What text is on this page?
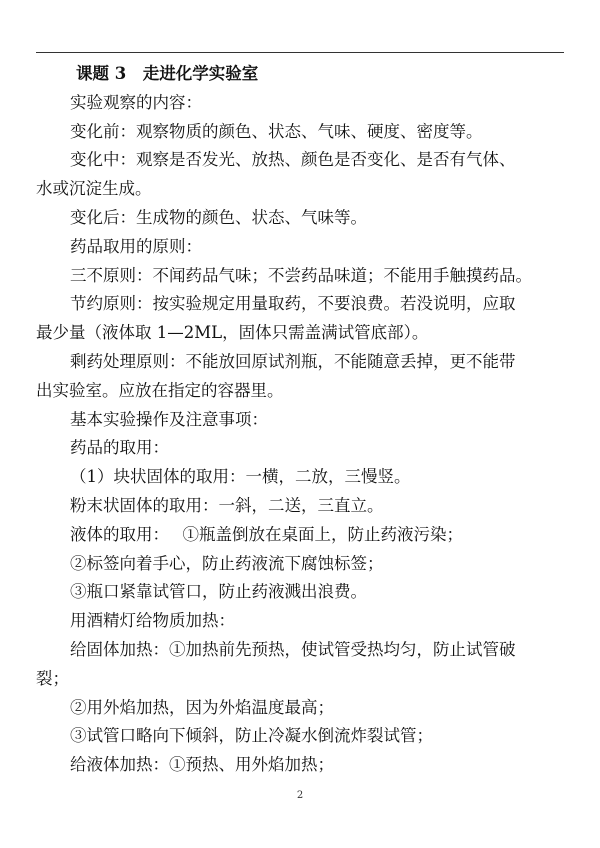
课题 3　走进化学实验室
实验观察的内容：
变化前：观察物质的颜色、状态、气味、硬度、密度等。
变化中：观察是否发光、放热、颜色是否变化、是否有气体、
水或沉淀生成。
变化后：生成物的颜色、状态、气味等。
药品取用的原则：
三不原则：不闻药品气味；不尝药品味道；不能用手触摸药品。
节约原则：按实验规定用量取药，不要浪费。若没说明，应取
最少量（液体取 1—2ML，固体只需盖满试管底部）。
剩药处理原则：不能放回原试剂瓶，不能随意丢掉，更不能带
出实验室。应放在指定的容器里。
基本实验操作及注意事项：
药品的取用：
（1）块状固体的取用：一横，二放，三慢竖。
粉末状固体的取用：一斜，二送，三直立。
液体的取用：　 ①瓶盖倒放在桌面上，防止药液污染；
②标签向着手心，防止药液流下腐蚀标签；
③瓶口紧靠试管口，防止药液溅出浪费。
用酒精灯给物质加热：
给固体加热：①加热前先预热，使试管受热均匀，防止试管破
裂；
②用外焰加热，因为外焰温度最高；
③试管口略向下倾斜，防止冷凝水倒流炸裂试管；
给液体加热：①预热、用外焰加热；
2
